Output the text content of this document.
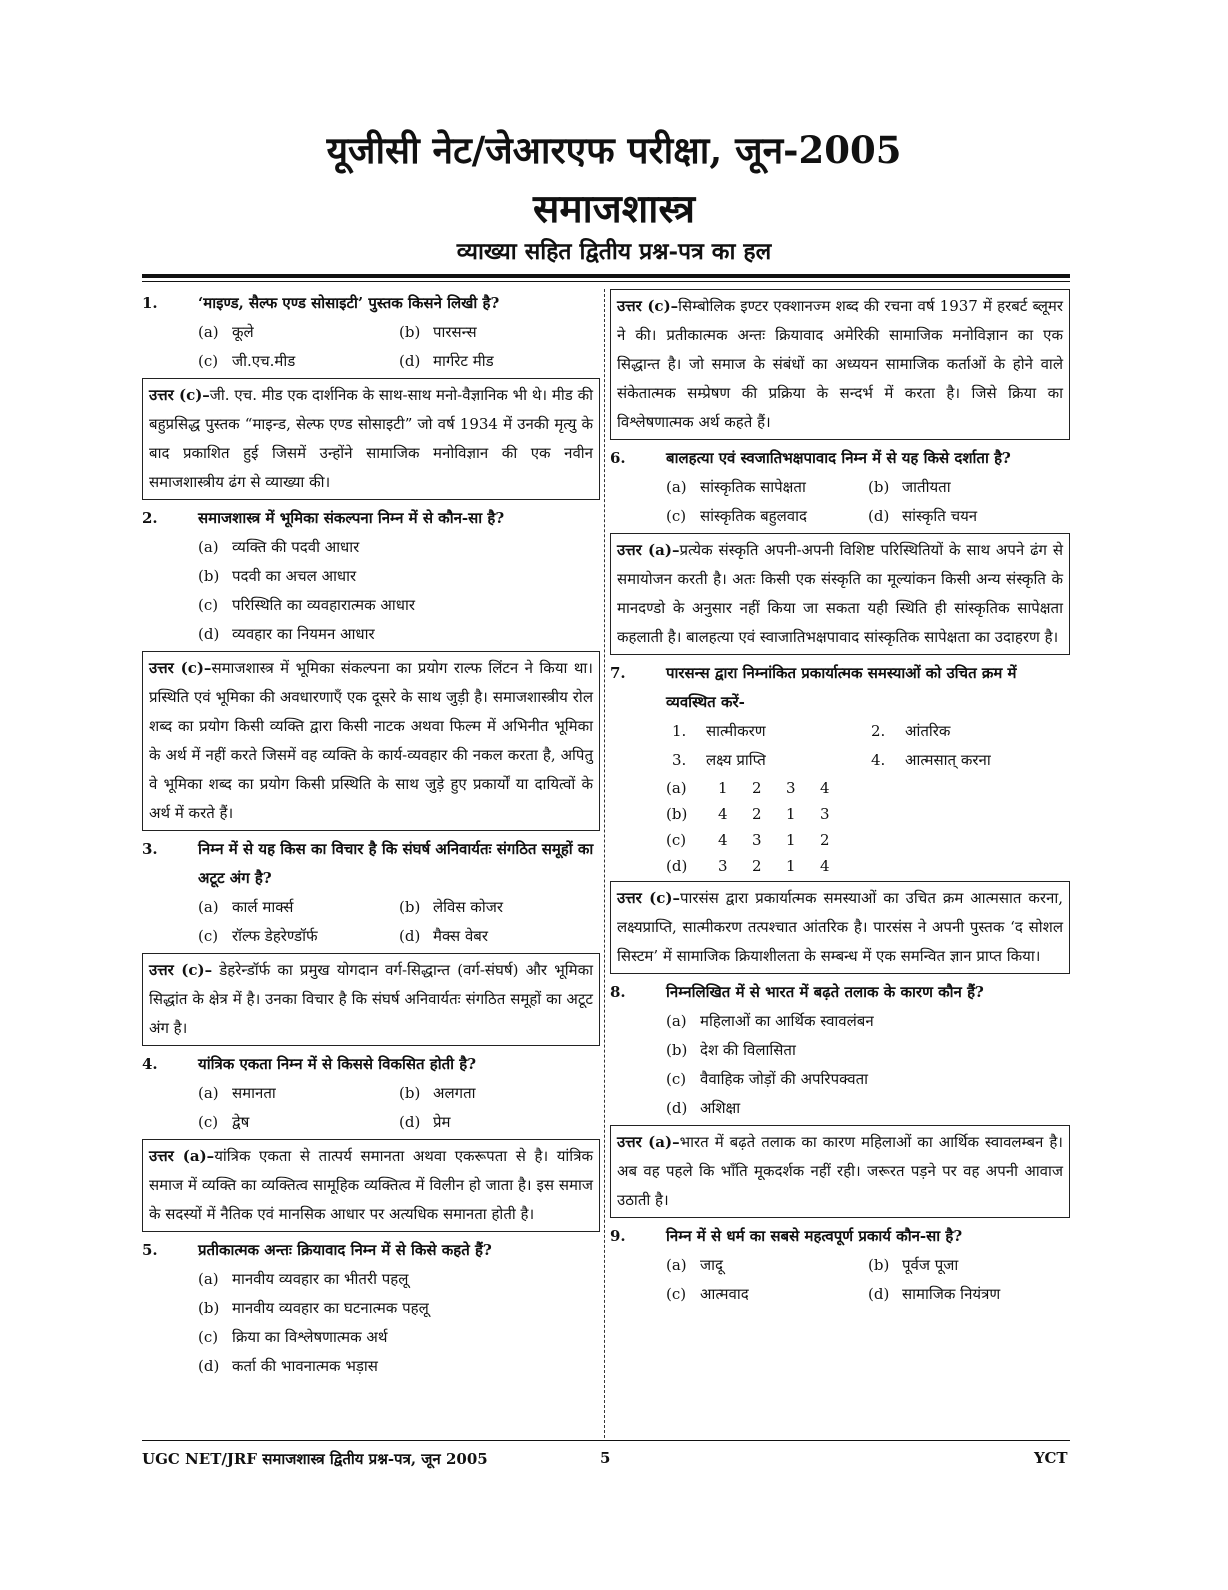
यूजीसी नेट/जेआरएफ परीक्षा, जून-2005
समाजशास्त्र
व्याख्या सहित द्वितीय प्रश्न-पत्र का हल
1.	‘माइण्ड, सैल्फ एण्ड सोसाइटी’ पुस्तक किसने लिखी है?
(a) कूले	(b) पारसन्स
(c) जी.एच.मीड	(d) मार्गरेट मीड
उत्तर (c)–जी. एच. मीड एक दार्शनिक के साथ-साथ मनो-वैज्ञानिक भी थे। मीड की बहुप्रसिद्ध पुस्तक “माइन्ड, सेल्फ एण्ड सोसाइटी” जो वर्ष 1934 में उनकी मृत्यु के बाद प्रकाशित हुई जिसमें उन्होंने सामाजिक मनोविज्ञान की एक नवीन समाजशास्त्रीय ढंग से व्याख्या की।
2.	समाजशास्त्र में भूमिका संकल्पना निम्न में से कौन-सा है?
(a) व्यक्ति की पदवी आधार
(b) पदवी का अचल आधार
(c) परिस्थिति का व्यवहारात्मक आधार
(d) व्यवहार का नियमन आधार
उत्तर (c)–समाजशास्त्र में भूमिका संकल्पना का प्रयोग राल्फ लिंटन ने किया था। प्रस्थिति एवं भूमिका की अवधारणाएँ एक दूसरे के साथ जुड़ी है। समाजशास्त्रीय रोल शब्द का प्रयोग किसी व्यक्ति द्वारा किसी नाटक अथवा फिल्म में अभिनीत भूमिका के अर्थ में नहीं करते जिसमें वह व्यक्ति के कार्य-व्यवहार की नकल करता है, अपितु वे भूमिका शब्द का प्रयोग किसी प्रस्थिति के साथ जुड़े हुए प्रकार्यों या दायित्वों के अर्थ में करते हैं।
3.	निम्न में से यह किस का विचार है कि संघर्ष अनिवार्यतः संगठित समूहों का अटूट अंग है?
(a) कार्ल मार्क्स	(b) लेविस कोजर
(c) रॉल्फ डेहरेण्डॉर्फ	(d) मैक्स वेबर
उत्तर (c)– डेहरेन्डॉर्फ का प्रमुख योगदान वर्ग-सिद्धान्त (वर्ग-संघर्ष) और भूमिका सिद्धांत के क्षेत्र में है। उनका विचार है कि संघर्ष अनिवार्यतः संगठित समूहों का अटूट अंग है।
4.	यांत्रिक एकता निम्न में से किससे विकसित होती है?
(a) समानता	(b) अलगता
(c) द्वेष	(d) प्रेम
उत्तर (a)–यांत्रिक एकता से तात्पर्य समानता अथवा एकरूपता से है। यांत्रिक समाज में व्यक्ति का व्यक्तित्व सामूहिक व्यक्तित्व में विलीन हो जाता है। इस समाज के सदस्यों में नैतिक एवं मानसिक आधार पर अत्यधिक समानता होती है।
5.	प्रतीकात्मक अन्तः क्रियावाद निम्न में से किसे कहते हैं?
(a) मानवीय व्यवहार का भीतरी पहलू
(b) मानवीय व्यवहार का घटनात्मक पहलू
(c) क्रिया का विश्लेषणात्मक अर्थ
(d) कर्ता की भावनात्मक भड़ास
उत्तर (c)–सिम्बोलिक इण्टर एक्शानज्म शब्द की रचना वर्ष 1937 में हरबर्ट ब्लूमर ने की। प्रतीकात्मक अन्तः क्रियावाद अमेरिकी सामाजिक मनोविज्ञान का एक सिद्धान्त है। जो समाज के संबंधों का अध्ययन सामाजिक कर्ताओं के होने वाले संकेतात्मक सम्प्रेषण की प्रक्रिया के सन्दर्भ में करता है। जिसे क्रिया का विश्लेषणात्मक अर्थ कहते हैं।
6.	बालहत्या एवं स्वजातिभक्षपावाद निम्न में से यह किसे दर्शाता है?
(a) सांस्कृतिक सापेक्षता	(b) जातीयता
(c) सांस्कृतिक बहुलवाद	(d) सांस्कृति चयन
उत्तर (a)–प्रत्येक संस्कृति अपनी-अपनी विशिष्ट परिस्थितियों के साथ अपने ढंग से समायोजन करती है। अतः किसी एक संस्कृति का मूल्यांकन किसी अन्य संस्कृति के मानदण्डो के अनुसार नहीं किया जा सकता यही स्थिति ही सांस्कृतिक सापेक्षता कहलाती है। बालहत्या एवं स्वाजातिभक्षपावाद सांस्कृतिक सापेक्षता का उदाहरण है।
7.	पारसन्स द्वारा निम्नांकित प्रकार्यात्मक समस्याओं को उचित क्रम में व्यवस्थित करें-
1. सात्मीकरण	2. आंतरिक
3. लक्ष्य प्राप्ति	4. आत्मसात् करना
(a)	1	2	3	4
(b)	4	2	1	3
(c)	4	3	1	2
(d)	3	2	1	4
उत्तर (c)–पारसंस द्वारा प्रकार्यात्मक समस्याओं का उचित क्रम आत्मसात करना, लक्ष्यप्राप्ति, सात्मीकरण तत्पश्चात आंतरिक है। पारसंस ने अपनी पुस्तक ‘द सोशल सिस्टम’ में सामाजिक क्रियाशीलता के सम्बन्ध में एक समन्वित ज्ञान प्राप्त किया।
8.	निम्नलिखित में से भारत में बढ़ते तलाक के कारण कौन हैं?
(a) महिलाओं का आर्थिक स्वावलंबन
(b) देश की विलासिता
(c) वैवाहिक जोड़ों की अपरिपक्वता
(d) अशिक्षा
उत्तर (a)–भारत में बढ़ते तलाक का कारण महिलाओं का आर्थिक स्वावलम्बन है। अब वह पहले कि भाँति मूकदर्शक नहीं रही। जरूरत पड़ने पर वह अपनी आवाज उठाती है।
9.	निम्न में से धर्म का सबसे महत्वपूर्ण प्रकार्य कौन-सा है?
(a) जादू	(b) पूर्वज पूजा
(c) आत्मवाद	(d) सामाजिक नियंत्रण
UGC NET/JRF समाजशास्त्र द्वितीय प्रश्न-पत्र, जून 2005	5	YCT
